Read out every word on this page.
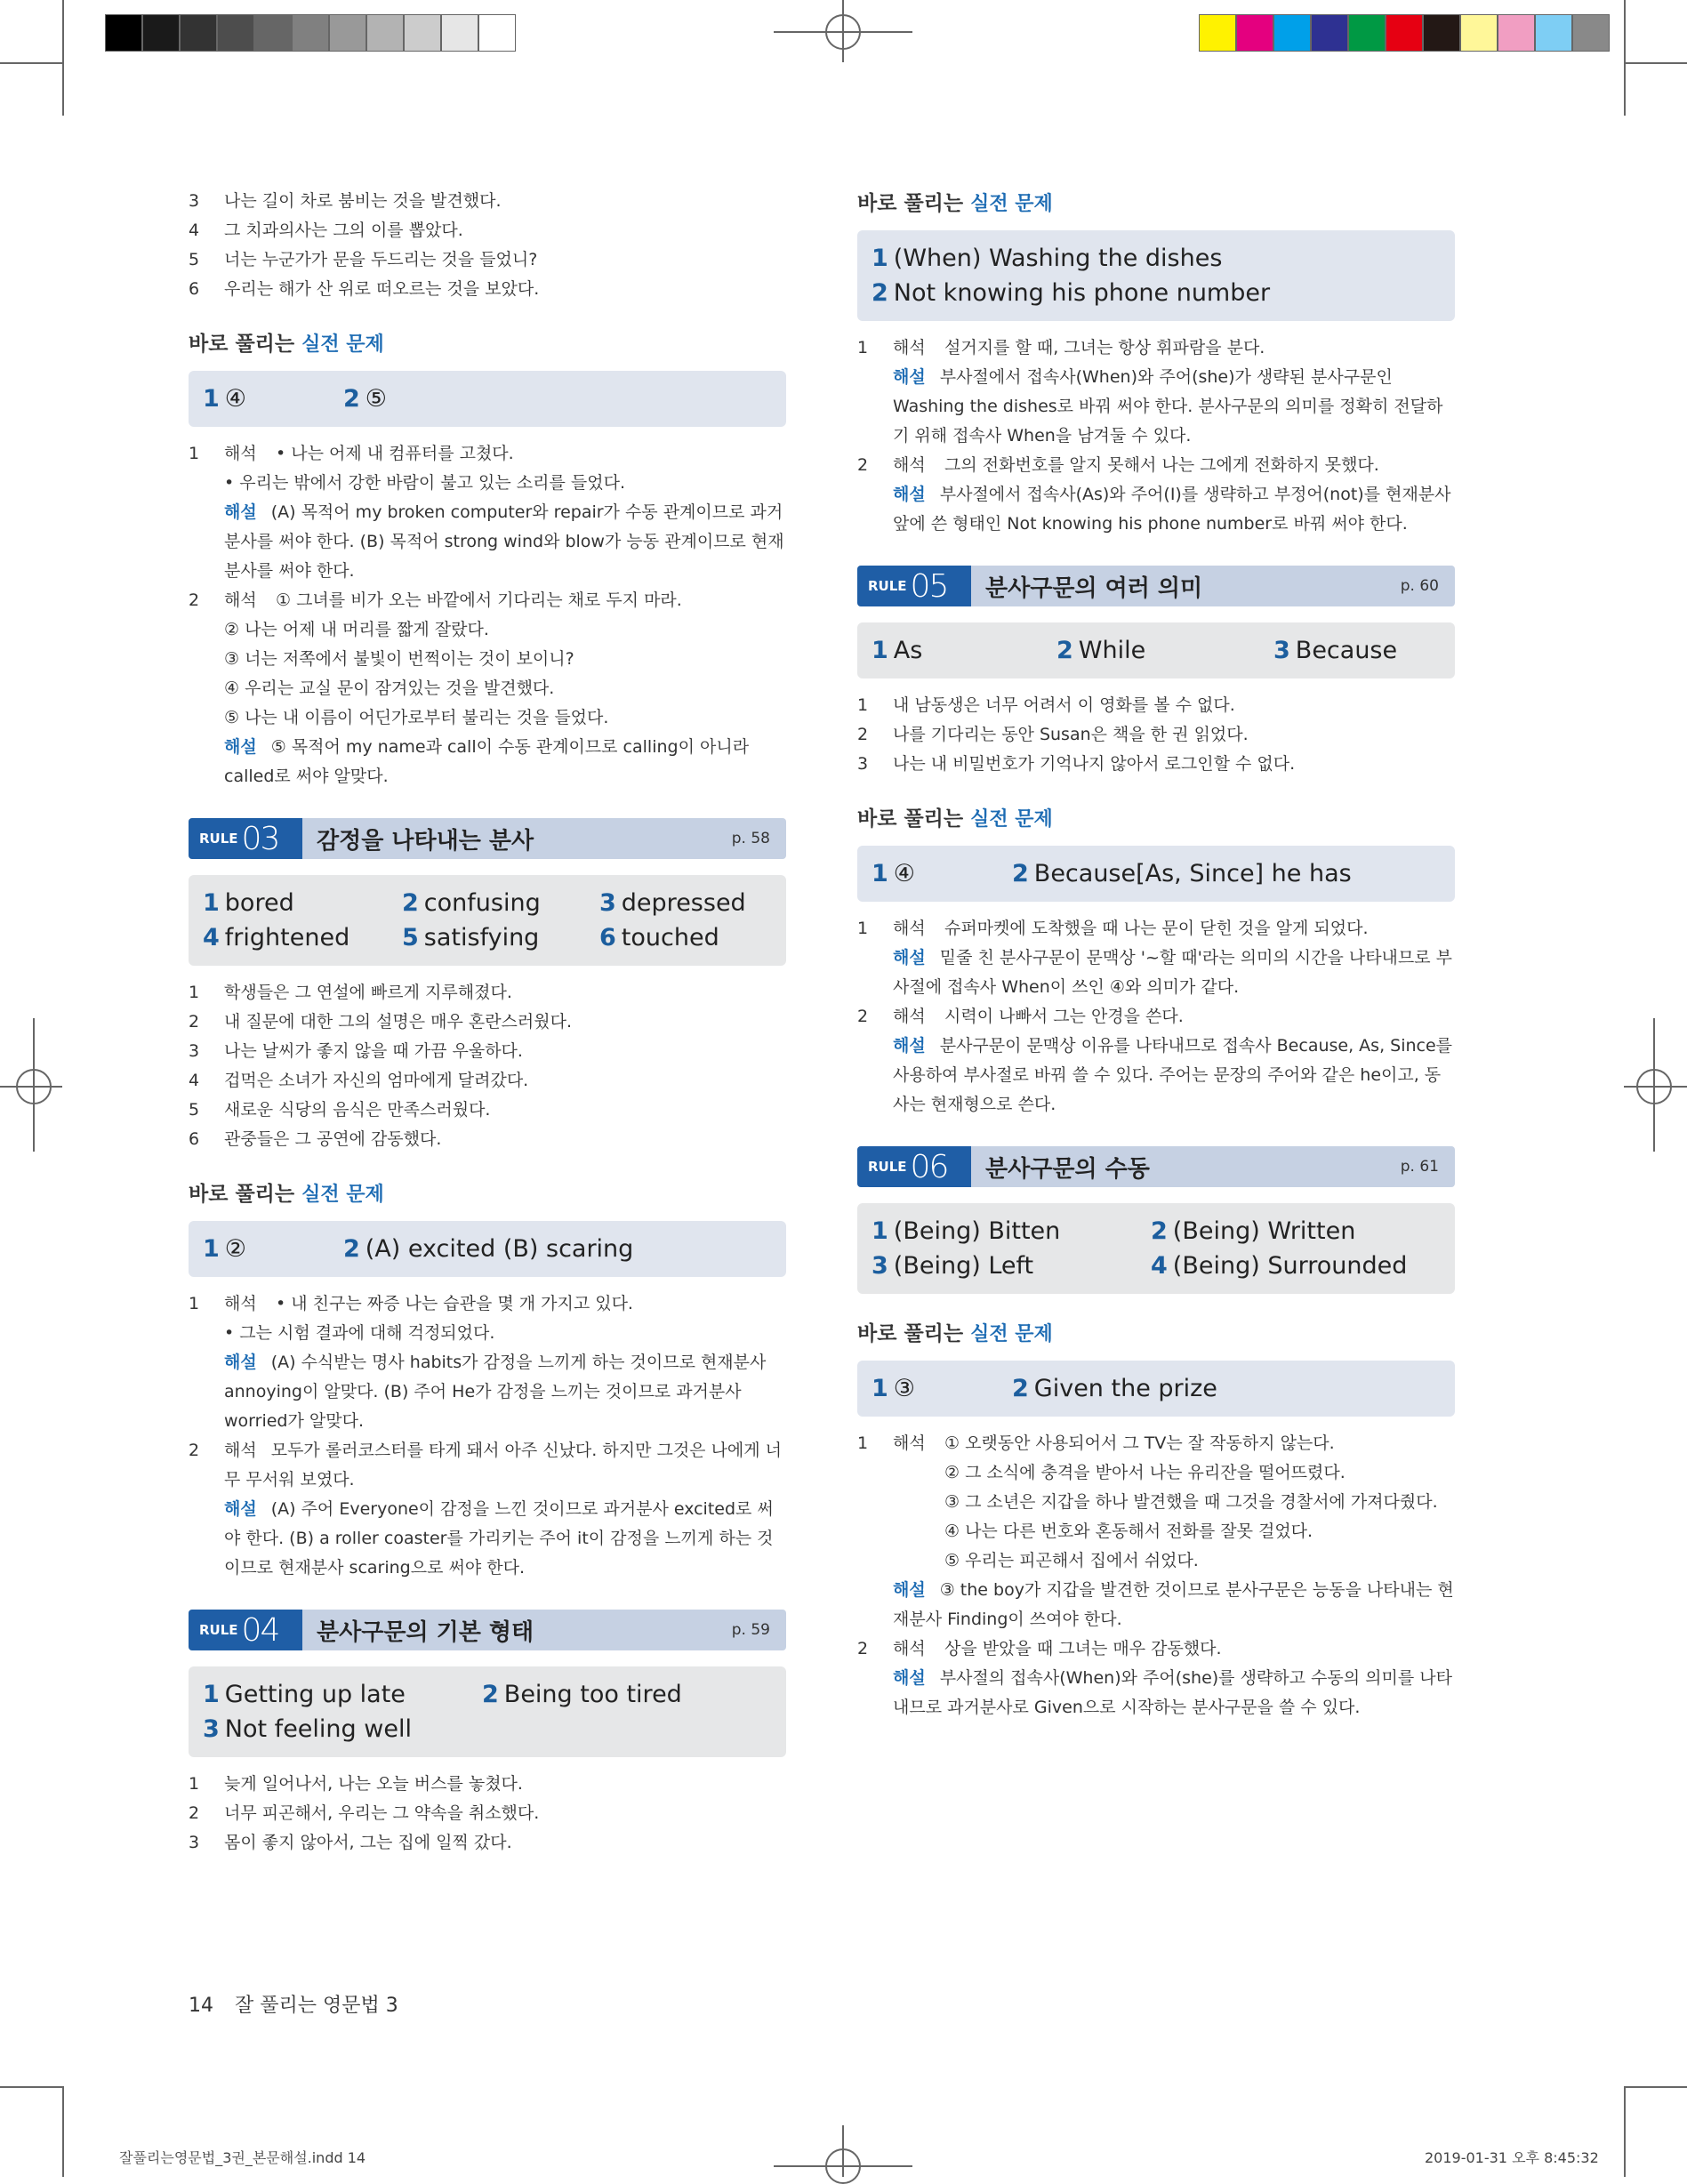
3	나는 길이 차로 붐비는 것을 발견했다.
4	그 치과의사는 그의 이를 뽑았다.
5	너는 누군가가 문을 두드리는 것을 들었니?
6	우리는 해가 산 위로 떠오르는 것을 보았다.
바로 풀리는 실전 문제
1 ④	2 ⑤
1	해석	• 나는 어제 내 컴퓨터를 고쳤다.
• 우리는 밖에서 강한 바람이 불고 있는 소리를 들었다.
해설 (A) 목적어 my broken computer와 repair가 수동 관계이므로 과거분사를 써야 한다. (B) 목적어 strong wind와 blow가 능동 관계이므로 현재분사를 써야 한다.
2	해석	① 그녀를 비가 오는 바깥에서 기다리는 채로 두지 마라.
② 나는 어제 내 머리를 짧게 잘랐다.
③ 너는 저쪽에서 불빛이 번쩍이는 것이 보이니?
④ 우리는 교실 문이 잠겨있는 것을 발견했다.
⑤ 나는 내 이름이 어딘가로부터 불리는 것을 들었다.
해설 ⑤ 목적어 my name과 call이 수동 관계이므로 calling이 아니라 called로 써야 알맞다.
RULE 03 감정을 나타내는 분사	p. 58
1 bored	2 confusing	3 depressed
4 frightened	5 satisfying	6 touched
1	학생들은 그 연설에 빠르게 지루해졌다.
2	내 질문에 대한 그의 설명은 매우 혼란스러웠다.
3	나는 날씨가 좋지 않을 때 가끔 우울하다.
4	겁먹은 소녀가 자신의 엄마에게 달려갔다.
5	새로운 식당의 음식은 만족스러웠다.
6	관중들은 그 공연에 감동했다.
바로 풀리는 실전 문제
1 ②	2 (A) excited (B) scaring
1	해석	• 내 친구는 짜증 나는 습관을 몇 개 가지고 있다.
• 그는 시험 결과에 대해 걱정되었다.
해설 (A) 수식받는 명사 habits가 감정을 느끼게 하는 것이므로 현재분사 annoying이 알맞다. (B) 주어 He가 감정을 느끼는 것이므로 과거분사 worried가 알맞다.
2	해석 모두가 롤러코스터를 타게 돼서 아주 신났다. 하지만 그것은 나에게 너무 무서워 보였다.
해설 (A) 주어 Everyone이 감정을 느낀 것이므로 과거분사 excited로 써야 한다. (B) a roller coaster를 가리키는 주어 it이 감정을 느끼게 하는 것이므로 현재분사 scaring으로 써야 한다.
RULE 04 분사구문의 기본 형태	p. 59
1 Getting up late	2 Being too tired
3 Not feeling well
1	늦게 일어나서, 나는 오늘 버스를 놓쳤다.
2	너무 피곤해서, 우리는 그 약속을 취소했다.
3	몸이 좋지 않아서, 그는 집에 일찍 갔다.
바로 풀리는 실전 문제
1 (When) Washing the dishes
2 Not knowing his phone number
1	해석	설거지를 할 때, 그녀는 항상 휘파람을 분다.
해설 부사절에서 접속사(When)와 주어(she)가 생략된 분사구문인 Washing the dishes로 바꿔 써야 한다. 분사구문의 의미를 정확히 전달하기 위해 접속사 When을 남겨둘 수 있다.
2	해석	그의 전화번호를 알지 못해서 나는 그에게 전화하지 못했다.
해설 부사절에서 접속사(As)와 주어(I)를 생략하고 부정어(not)를 현재분사 앞에 쓴 형태인 Not knowing his phone number로 바꿔 써야 한다.
RULE 05 분사구문의 여러 의미	p. 60
1 As	2 While	3 Because
1	내 남동생은 너무 어려서 이 영화를 볼 수 없다.
2	나를 기다리는 동안 Susan은 책을 한 권 읽었다.
3	나는 내 비밀번호가 기억나지 않아서 로그인할 수 없다.
바로 풀리는 실전 문제
1 ④	2 Because[As, Since] he has
1	해석	슈퍼마켓에 도착했을 때 나는 문이 닫힌 것을 알게 되었다.
해설 밑줄 친 분사구문이 문맥상 '~할 때'라는 의미의 시간을 나타내므로 부사절에 접속사 When이 쓰인 ④와 의미가 같다.
2	해석	시력이 나빠서 그는 안경을 쓴다.
해설 분사구문이 문맥상 이유를 나타내므로 접속사 Because, As, Since를 사용하여 부사절로 바꿔 쓸 수 있다. 주어는 문장의 주어와 같은 he이고, 동사는 현재형으로 쓴다.
RULE 06 분사구문의 수동	p. 61
1 (Being) Bitten	2 (Being) Written
3 (Being) Left	4 (Being) Surrounded
바로 풀리는 실전 문제
1 ③	2 Given the prize
1	해석	① 오랫동안 사용되어서 그 TV는 잘 작동하지 않는다.
② 그 소식에 충격을 받아서 나는 유리잔을 떨어뜨렸다.
③ 그 소년은 지갑을 하나 발견했을 때 그것을 경찰서에 가져다줬다.
④ 나는 다른 번호와 혼동해서 전화를 잘못 걸었다.
⑤ 우리는 피곤해서 집에서 쉬었다.
해설 ③ the boy가 지갑을 발견한 것이므로 분사구문은 능동을 나타내는 현재분사 Finding이 쓰여야 한다.
2	해석	상을 받았을 때 그녀는 매우 감동했다.
해설 부사절의 접속사(When)와 주어(she)를 생략하고 수동의 의미를 나타내므로 과거분사로 Given으로 시작하는 분사구문을 쓸 수 있다.
14 잘 풀리는 영문법 3
잘풀리는영문법_3권_본문해설.indd 14	2019-01-31 오후 8:45:32
